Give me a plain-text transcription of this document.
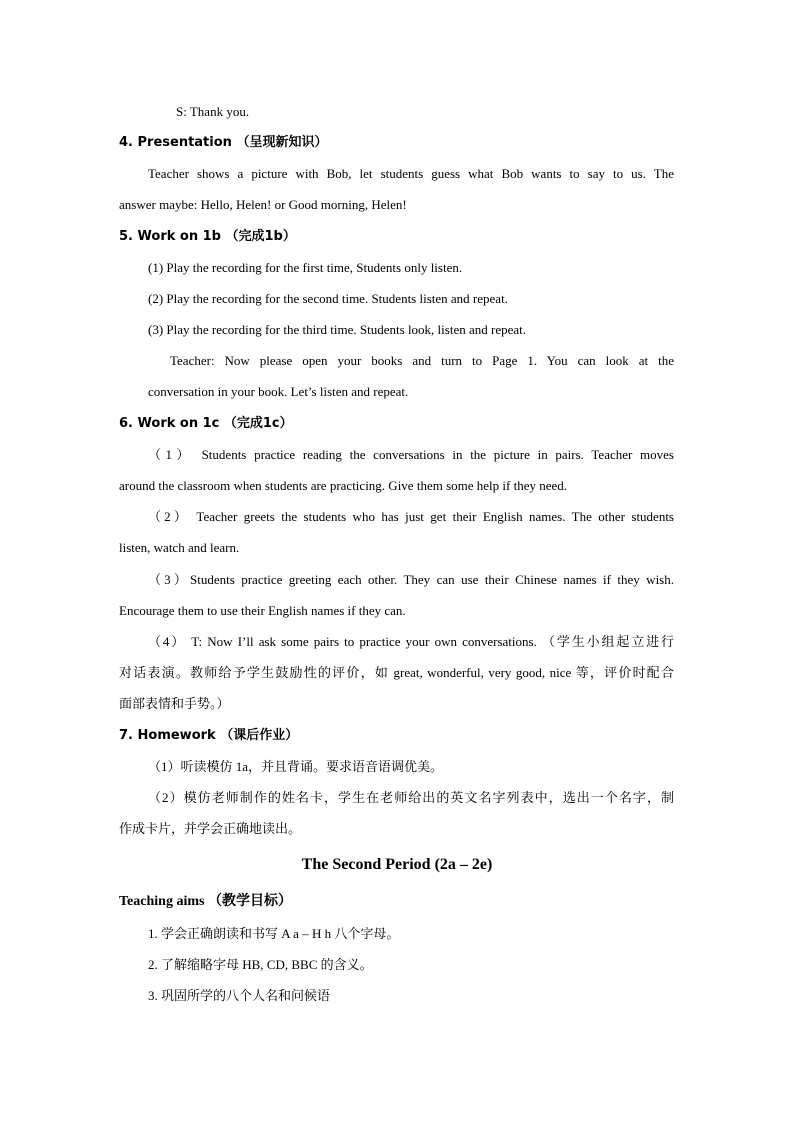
S: Thank you.
4. Presentation （呈现新知识）
Teacher shows a picture with Bob, let students guess what Bob wants to say to us. The
answer maybe: Hello, Helen! or Good morning, Helen!
5. Work on 1b （完成1b）
(1) Play the recording for the first time, Students only listen.
(2) Play the recording for the second time. Students listen and repeat.
(3) Play the recording for the third time. Students look, listen and repeat.
Teacher: Now please open your books and turn to Page 1. You can look at the
conversation in your book. Let’s listen and repeat.
6. Work on 1c （完成1c）
（1） Students practice reading the conversations in the picture in pairs. Teacher moves
around the classroom when students are practicing. Give them some help if they need.
（2） Teacher greets the students who has just get their English names. The other students
listen, watch and learn.
（3）Students practice greeting each other. They can use their Chinese names if they wish.
Encourage them to use their English names if they can.
（4） T: Now I’ll ask some pairs to practice your own conversations. （学生小组起立进行
对话表演。教师给予学生鼓励性的评价，如 great, wonderful, very good, nice 等，评价时配合
面部表情和手势。）
7. Homework （课后作业）
（1）听读模仿 1a，并且背诵。要求语音语调优美。
（2）模仿老师制作的姓名卡，学生在老师给出的英文名字列表中，选出一个名字，制
作成卡片，并学会正确地读出。
The Second Period (2a – 2e)
Teaching aims （教学目标）
1. 学会正确朗读和书写 A a – H h 八个字母。
2. 了解缩略字母 HB, CD, BBC 的含义。
3. 巩固所学的八个人名和问候语
